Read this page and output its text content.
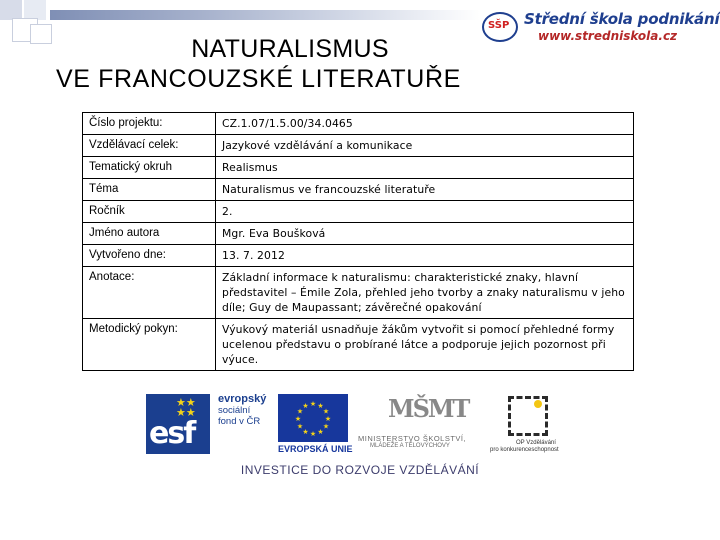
SŠP Střední škola podnikání
www.stredniskola.cz
NATURALISMUS
VE FRANCOUZSKÉ LITERATUŘE
Číslo projektu:	CZ.1.07/1.5.00/34.0465
Vzdělávací celek:	Jazykové vzdělávání a komunikace
Tematický okruh	Realismus
Téma	Naturalismus ve francouzské literatuře
Ročník	2.
Jméno autora	Mgr. Eva Boušková
Vytvořeno dne:	13. 7. 2012
Anotace:	Základní informace k naturalismu: charakteristické znaky, hlavní představitel – Émile Zola, přehled jeho tvorby a znaky naturalismu v jeho díle; Guy de Maupassant; závěrečné opakování
Metodický pokyn:	Výukový materiál usnadňuje žákům vytvořit si pomocí přehledné formy ucelenou představu o probírané látce a podporuje jejich pozornost při výuce.
★★
★★
esf
evropský
sociální
fond v ČR	★
★
★
★
★
★
★
★
★ ★ ★
★
EVROPSKÁ UNIE
MŠMT
MINISTERSTVO ŠKOLSTVÍ,
MLÁDEŽE A TĚLOVÝCHOVY	OP Vzdělávání
pro konkurenceschopnost
INVESTICE DO ROZVOJE VZDĚLÁVÁNÍ
